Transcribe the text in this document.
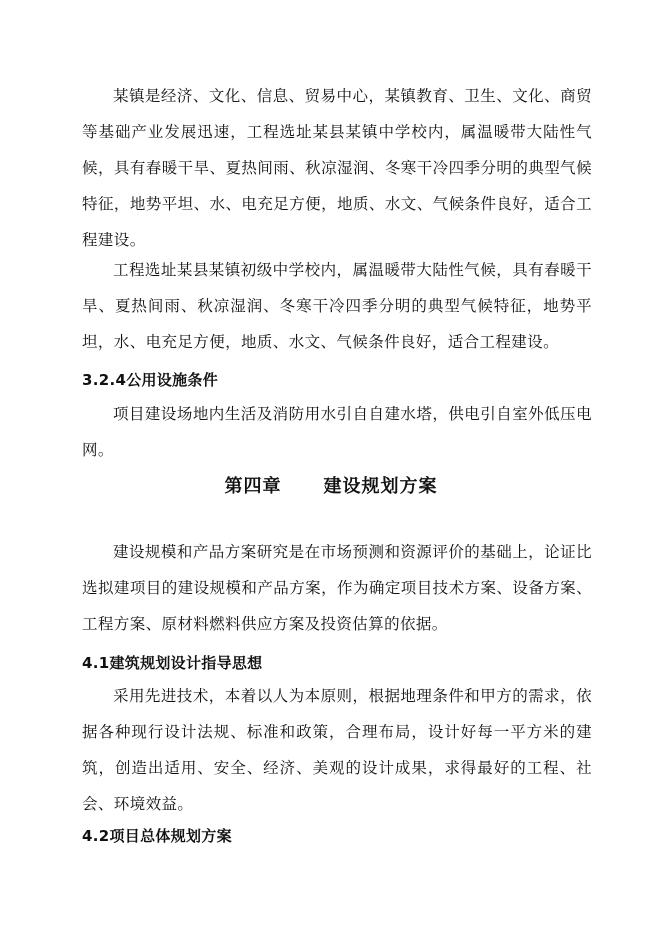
某镇是经济、文化、信息、贸易中心，某镇教育、卫生、文化、商贸等基础产业发展迅速，工程选址某县某镇中学校内，属温暖带大陆性气候，具有春暖干旱、夏热间雨、秋凉湿润、冬寒干冷四季分明的典型气候特征，地势平坦、水、电充足方便，地质、水文、气候条件良好，适合工程建设。

工程选址某县某镇初级中学校内，属温暖带大陆性气候，具有春暖干旱、夏热间雨、秋凉湿润、冬寒干冷四季分明的典型气候特征，地势平坦，水、电充足方便，地质、水文、气候条件良好，适合工程建设。

3.2.4公用设施条件

项目建设场地内生活及消防用水引自自建水塔，供电引自室外低压电网。

第四章 建设规划方案

建设规模和产品方案研究是在市场预测和资源评价的基础上，论证比选拟建项目的建设规模和产品方案，作为确定项目技术方案、设备方案、工程方案、原材料燃料供应方案及投资估算的依据。

4.1建筑规划设计指导思想

采用先进技术，本着以人为本原则，根据地理条件和甲方的需求，依据各种现行设计法规、标准和政策，合理布局，设计好每一平方米的建筑，创造出适用、安全、经济、美观的设计成果，求得最好的工程、社会、环境效益。

4.2项目总体规划方案
